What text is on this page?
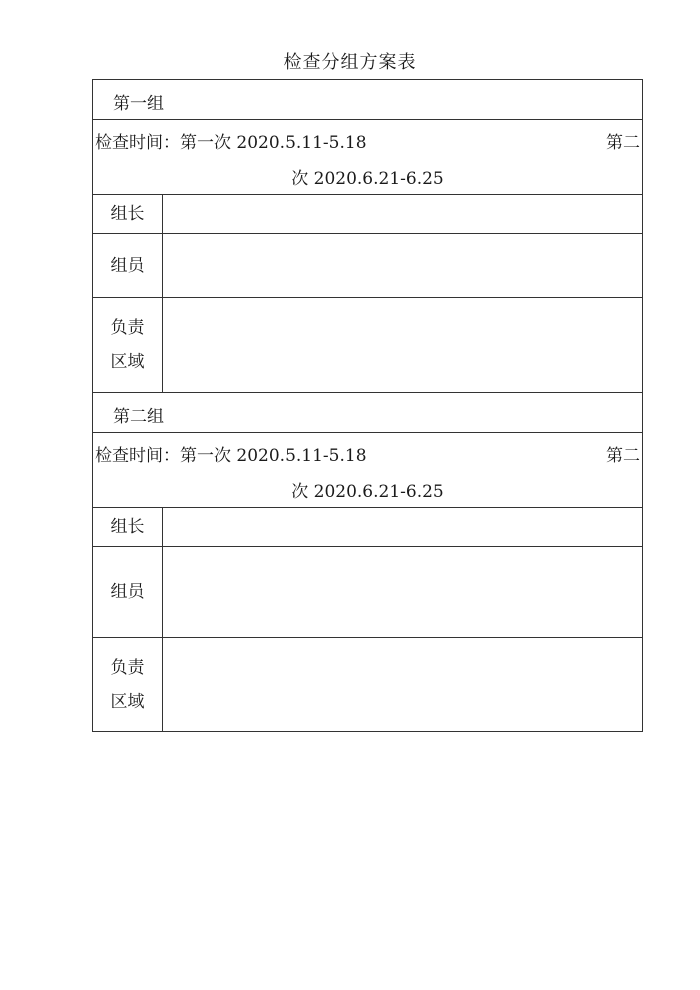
检查分组方案表
第一组
检查时间：第一次 2020.5.11-5.18	第二
次 2020.6.21-6.25
组长
组员
负责区域
第二组
检查时间：第一次 2020.5.11-5.18	第二
次 2020.6.21-6.25
组长
组员
负责区域
